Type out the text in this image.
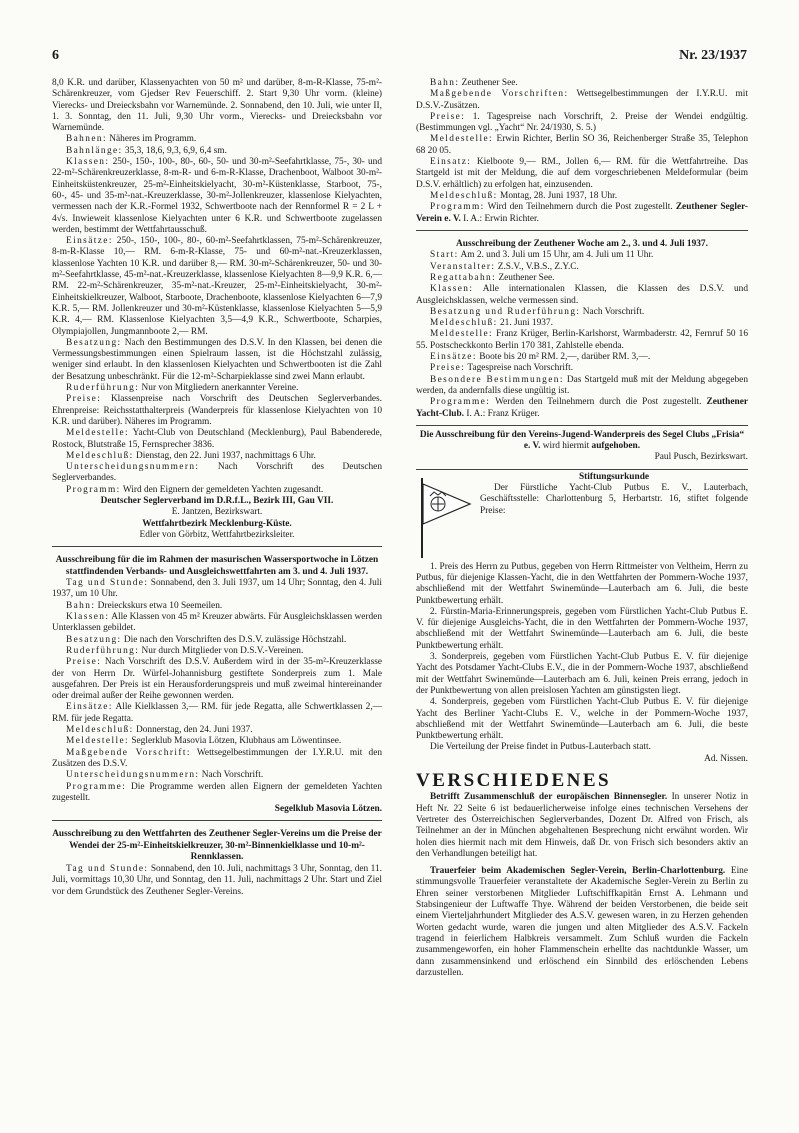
6	Nr. 23/1937

8,0 K.R. und darüber, Klassenyachten von 50 m² und darüber, 8-m-R-Klasse, 75-m²-Schärenkreuzer, vom Gjedser Rev Feuerschiff. 2. Start 9,30 Uhr vorm. (kleine) Vierecks- und Dreiecksbahn vor Warnemünde. 2. Sonnabend, den 10. Juli, wie unter II, 1. 3. Sonntag, den 11. Juli, 9,30 Uhr vorm., Vierecks- und Dreiecksbahn vor Warnemünde.

Bahnen: Näheres im Programm.

Bahnlänge: 35,3, 18,6, 9,3, 6,9, 6,4 sm.

Klassen: 250-, 150-, 100-, 80-, 60-, 50- und 30-m²-Seefahrtklasse, 75-, 30- und 22-m²-Schärenkreuzerklasse, 8-m-R- und 6-m-R-Klasse, Drachenboot, Walboot 30-m²-Einheitsküstenkreuzer, 25-m²-Einheitskielyacht, 30-m²-Küstenklasse, Starboot, 75-, 60-, 45- und 35-m²-nat.-Kreuzerklasse, 30-m²-Jollenkreuzer, klassenlose Kielyachten, vermessen nach der K.R.-Formel 1932, Schwertboote nach der Rennformel R = 2 L + 4√s. Inwieweit klassenlose Kielyachten unter 6 K.R. und Schwertboote zugelassen werden, bestimmt der Wettfahrtausschuß.

Einsätze: 250-, 150-, 100-, 80-, 60-m²-Seefahrtklassen, 75-m²-Schärenkreuzer, 8-m-R-Klasse 10,— RM. 6-m-R-Klasse, 75- und 60-m²-nat.-Kreuzerklassen, klassenlose Yachten 10 K.R. und darüber 8,— RM. 30-m²-Schärenkreuzer, 50- und 30-m²-Seefahrtklasse, 45-m²-nat.-Kreuzerklasse, klassenlose Kielyachten 8—9,9 K.R. 6,— RM. 22-m²-Schärenkreuzer, 35-m²-nat.-Kreuzer, 25-m²-Einheitskielyacht, 30-m²-Einheitskielkreuzer, Walboot, Starboote, Drachenboote, klassenlose Kielyachten 6—7,9 K.R. 5,— RM. Jollenkreuzer und 30-m²-Küstenklasse, klassenlose Kielyachten 5—5,9 K.R. 4,— RM. Klassenlose Kielyachten 3,5—4,9 K.R., Schwertboote, Scharpies, Olympiajollen, Jungmannboote 2,— RM.

Besatzung: Nach den Bestimmungen des D.S.V. In den Klassen, bei denen die Vermessungsbestimmungen einen Spielraum lassen, ist die Höchstzahl zulässig, weniger sind erlaubt. In den klassenlosen Kielyachten und Schwertbooten ist die Zahl der Besatzung unbeschränkt. Für die 12-m²-Scharpieklasse sind zwei Mann erlaubt.

Ruderführung: Nur von Mitgliedern anerkannter Vereine.

Preise: Klassenpreise nach Vorschrift des Deutschen Seglerverbandes. Ehrenpreise: Reichsstatthalterpreis (Wanderpreis für klassenlose Kielyachten von 10 K.R. und darüber). Näheres im Programm.

Meldestelle: Yacht-Club von Deutschland (Mecklenburg), Paul Babenderede, Rostock, Blutstraße 15, Fernsprecher 3836.

Meldeschluß: Dienstag, den 22. Juni 1937, nachmittags 6 Uhr.

Unterscheidungsnummern: Nach Vorschrift des Deutschen Seglerverbandes.

Programm: Wird den Eignern der gemeldeten Yachten zugesandt.

Deutscher Seglerverband im D.R.f.L., Bezirk III, Gau VII.

E. Jantzen, Bezirkswart.

Wettfahrtbezirk Mecklenburg-Küste.

Edler von Görbitz, Wettfahrtbezirksleiter.

Ausschreibung für die im Rahmen der masurischen Wassersportwoche in Lötzen stattfindenden Verbands- und Ausgleichswettfahrten am 3. und 4. Juli 1937.

Tag und Stunde: Sonnabend, den 3. Juli 1937, um 14 Uhr; Sonntag, den 4. Juli 1937, um 10 Uhr.

Bahn: Dreieckskurs etwa 10 Seemeilen.

Klassen: Alle Klassen von 45 m² Kreuzer abwärts. Für Ausgleichsklassen werden Unterklassen gebildet.

Besatzung: Die nach den Vorschriften des D.S.V. zulässige Höchstzahl.

Ruderführung: Nur durch Mitglieder von D.S.V.-Vereinen.

Preise: Nach Vorschrift des D.S.V. Außerdem wird in der 35-m²-Kreuzerklasse der von Herrn Dr. Würfel-Johannisburg gestiftete Sonderpreis zum 1. Male ausgefahren. Der Preis ist ein Herausforderungspreis und muß zweimal hintereinander oder dreimal außer der Reihe gewonnen werden.

Einsätze: Alle Kielklassen 3,— RM. für jede Regatta, alle Schwertklassen 2,— RM. für jede Regatta.

Meldeschluß: Donnerstag, den 24. Juni 1937.

Meldestelle: Seglerklub Masovia Lötzen, Klubhaus am Löwentinsee.

Maßgebende Vorschrift: Wettsegelbestimmungen der I.Y.R.U. mit den Zusätzen des D.S.V.

Unterscheidungsnummern: Nach Vorschrift.

Programme: Die Programme werden allen Eignern der gemeldeten Yachten zugestellt.

Segelklub Masovia Lötzen.

Ausschreibung zu den Wettfahrten des Zeuthener Segler-Vereins um die Preise der Wendei der 25-m²-Einheitskielkreuzer, 30-m²-Binnenkielklasse und 10-m²-Rennklassen.

Tag und Stunde: Sonnabend, den 10. Juli, nachmittags 3 Uhr, Sonntag, den 11. Juli, vormittags 10,30 Uhr, und Sonntag, den 11. Juli, nachmittags 2 Uhr. Start und Ziel vor dem Grundstück des Zeuthener Segler-Vereins.

Bahn: Zeuthener See.

Maßgebende Vorschriften: Wettsegelbestimmungen der I.Y.R.U. mit D.S.V.-Zusätzen.

Preise: 1. Tagespreise nach Vorschrift, 2. Preise der Wendei endgültig. (Bestimmungen vgl. „Yacht“ Nr. 24/1930, S. 5.)

Meldestelle: Erwin Richter, Berlin SO 36, Reichenberger Straße 35, Telephon 68 20 05.

Einsatz: Kielboote 9,— RM., Jollen 6,— RM. für die Wettfahrtreihe. Das Startgeld ist mit der Meldung, die auf dem vorgeschriebenen Meldeformular (beim D.S.V. erhältlich) zu erfolgen hat, einzusenden.

Meldeschluß: Montag, 28. Juni 1937, 18 Uhr.

Programm: Wird den Teilnehmern durch die Post zugestellt. Zeuthener Segler-Verein e. V. I. A.: Erwin Richter.

Ausschreibung der Zeuthener Woche am 2., 3. und 4. Juli 1937.

Start: Am 2. und 3. Juli um 15 Uhr, am 4. Juli um 11 Uhr.

Veranstalter: Z.S.V., V.B.S., Z.Y.C.

Regattabahn: Zeuthener See.

Klassen: Alle internationalen Klassen, die Klassen des D.S.V. und Ausgleichsklassen, welche vermessen sind.

Besatzung und Ruderführung: Nach Vorschrift.

Meldeschluß: 21. Juni 1937.

Meldestelle: Franz Krüger, Berlin-Karlshorst, Warmbaderstr. 42, Fernruf 50 16 55. Postscheckkonto Berlin 170 381, Zahlstelle ebenda.

Einsätze: Boote bis 20 m² RM. 2,—, darüber RM. 3,—.

Preise: Tagespreise nach Vorschrift.

Besondere Bestimmungen: Das Startgeld muß mit der Meldung abgegeben werden, da andernfalls diese ungültig ist.

Programme: Werden den Teilnehmern durch die Post zugestellt. Zeuthener Yacht-Club. I. A.: Franz Krüger.

Die Ausschreibung für den Vereins-Jugend-Wanderpreis des Segel Clubs „Frisia“ e. V. wird hiermit aufgehoben.

Paul Pusch, Bezirkswart.

Stiftungsurkunde

Der Fürstliche Yacht-Club Putbus E. V., Lauterbach, Geschäftsstelle: Charlottenburg 5, Herbartstr. 16, stiftet folgende Preise:

1. Preis des Herrn zu Putbus, gegeben von Herrn Rittmeister von Veltheim, Herrn zu Putbus, für diejenige Klassen-Yacht, die in den Wettfahrten der Pommern-Woche 1937, abschließend mit der Wettfahrt Swinemünde—Lauterbach am 6. Juli, die beste Punktbewertung erhält.

2. Fürstin-Maria-Erinnerungspreis, gegeben vom Fürstlichen Yacht-Club Putbus E. V. für diejenige Ausgleichs-Yacht, die in den Wettfahrten der Pommern-Woche 1937, abschließend mit der Wettfahrt Swinemünde—Lauterbach am 6. Juli, die beste Punktbewertung erhält.

3. Sonderpreis, gegeben vom Fürstlichen Yacht-Club Putbus E. V. für diejenige Yacht des Potsdamer Yacht-Clubs E.V., die in der Pommern-Woche 1937, abschließend mit der Wettfahrt Swinemünde—Lauterbach am 6. Juli, keinen Preis errang, jedoch in der Punktbewertung von allen preislosen Yachten am günstigsten liegt.

4. Sonderpreis, gegeben vom Fürstlichen Yacht-Club Putbus E. V. für diejenige Yacht des Berliner Yacht-Clubs E. V., welche in der Pommern-Woche 1937, abschließend mit der Wettfahrt Swinemünde—Lauterbach am 6. Juli, die beste Punktbewertung erhält.

Die Verteilung der Preise findet in Putbus-Lauterbach statt.

Ad. Nissen.

VERSCHIEDENES

Betrifft Zusammenschluß der europäischen Binnensegler. In unserer Notiz in Heft Nr. 22 Seite 6 ist bedauerlicherweise infolge eines technischen Versehens der Vertreter des Österreichischen Seglerverbandes, Dozent Dr. Alfred von Frisch, als Teilnehmer an der in München abgehaltenen Besprechung nicht erwähnt worden. Wir holen dies hiermit nach mit dem Hinweis, daß Dr. von Frisch sich besonders aktiv an den Verhandlungen beteiligt hat.

Trauerfeier beim Akademischen Segler-Verein, Berlin-Charlottenburg. Eine stimmungsvolle Trauerfeier veranstaltete der Akademische Segler-Verein zu Berlin zu Ehren seiner verstorbenen Mitglieder Luftschiffkapitän Ernst A. Lehmann und Stabsingenieur der Luftwaffe Thye. Während der beiden Verstorbenen, die beide seit einem Vierteljahrhundert Mitglieder des A.S.V. gewesen waren, in zu Herzen gehenden Worten gedacht wurde, waren die jungen und alten Mitglieder des A.S.V. Fackeln tragend in feierlichem Halbkreis versammelt. Zum Schluß wurden die Fackeln zusammengeworfen, ein hoher Flammenschein erhellte das nachtdunkle Wasser, um dann zusammensinkend und erlöschend ein Sinnbild des erlöschenden Lebens darzustellen.
